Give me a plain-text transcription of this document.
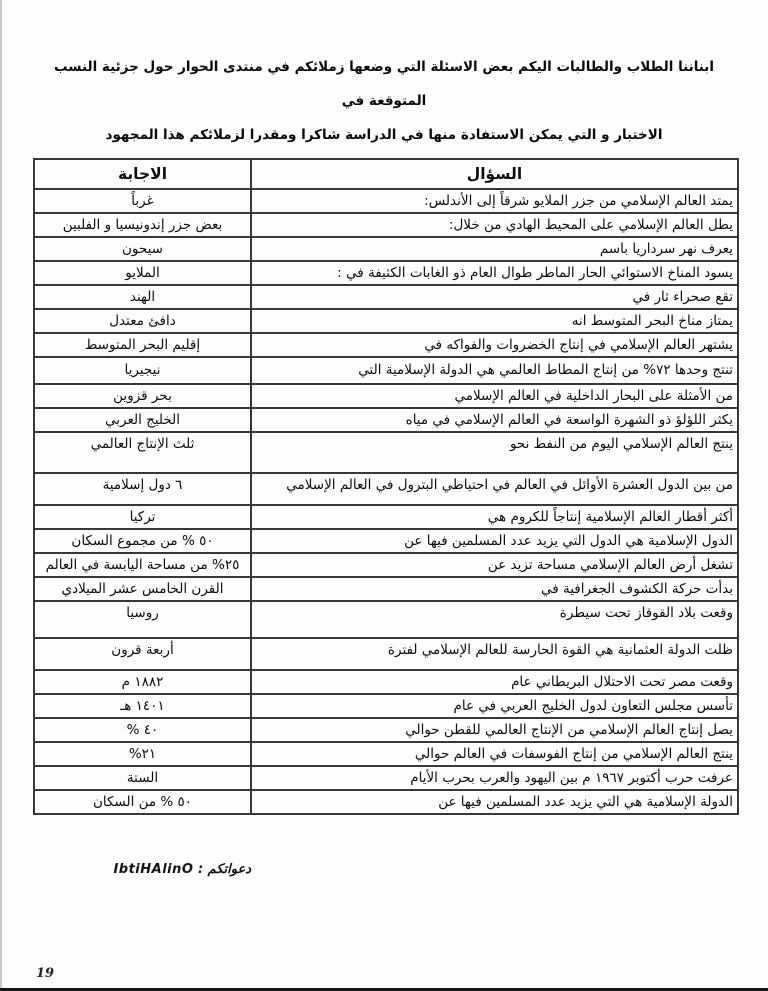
ابناننا الطلاب والطالبات اليكم بعض الاسئلة التي وضعها زملائكم في منتدى الحوار حول جزئية النسب المتوقعة في
الاختبار و التي يمكن الاستفادة منها في الدراسة شاكرا ومقدرا لزملائكم هذا المجهود
السؤال	الاجابة
يمتد العالم الإسلامي من جزر الملايو شرقاً إلى الأندلس:	غرباً
يطل العالم الإسلامي على المحيط الهادي من خلال:	بعض جزر إندونيسيا و الفلبين
يعرف نهر سرداريا باسم	سيحون
يسود المناخ الاستوائي الحار الماطر طوال العام ذو الغابات الكثيفة في :	الملايو
تقع صحراء ثار في	الهند
يمتاز مناخ البحر المتوسط انه	دافئ معتدل
يشتهر العالم الإسلامي في إنتاج الخضروات والفواكه في	إقليم البحر المتوسط
تنتج وحدها ٧٢% من إنتاج المطاط العالمي هي الدولة الإسلامية التي	نيجيريا
من الأمثلة على البحار الداخلية في العالم الإسلامي	بحر قزوين
يكثر اللؤلؤ ذو الشهرة الواسعة في العالم الإسلامي في مياه	الخليج العربي
ينتج العالم الإسلامي اليوم من النفط نحو	ثلث الإنتاج العالمي
من بين الدول العشرة الأوائل في العالم في احتياطي البترول في العالم الإسلامي	٦ دول إسلامية
أكثر أقطار العالم الإسلامية إنتاجاً للكروم هي	تركيا
الدول الإسلامية هي الدول التي يزيد عدد المسلمين فيها عن	٥٠ % من مجموع السكان
تشغل أرض العالم الإسلامي مساحة تزيد عن	٢٥% من مساحة اليابسة في العالم
بدأت حركة الكشوف الجغرافية في	القرن الخامس عشر الميلادي
وقعت بلاد القوقاز تحت سيطرة	روسيا
ظلت الدولة العثمانية هي القوة الحارسة للعالم الإسلامي لفترة	أربعة قرون
وقعت مصر تحت الاحتلال البريطاني عام	١٨٨٢ م
تأسس مجلس التعاون لدول الخليج العربي في عام	١٤٠١ هـ
يصل إنتاج العالم الإسلامي من الإنتاج العالمي للقطن حوالي	٤٠ %
ينتج العالم الإسلامي من إنتاج الفوسفات في العالم حوالي	٢١%
عرفت حرب أكتوبر ١٩٦٧ م بين اليهود والعرب بحرب الأيام	الستة
الدولة الإسلامية هي التي يزيد عدد المسلمين فيها عن	٥٠ % من السكان
دعواتكم : IbtiHAlinO
19
